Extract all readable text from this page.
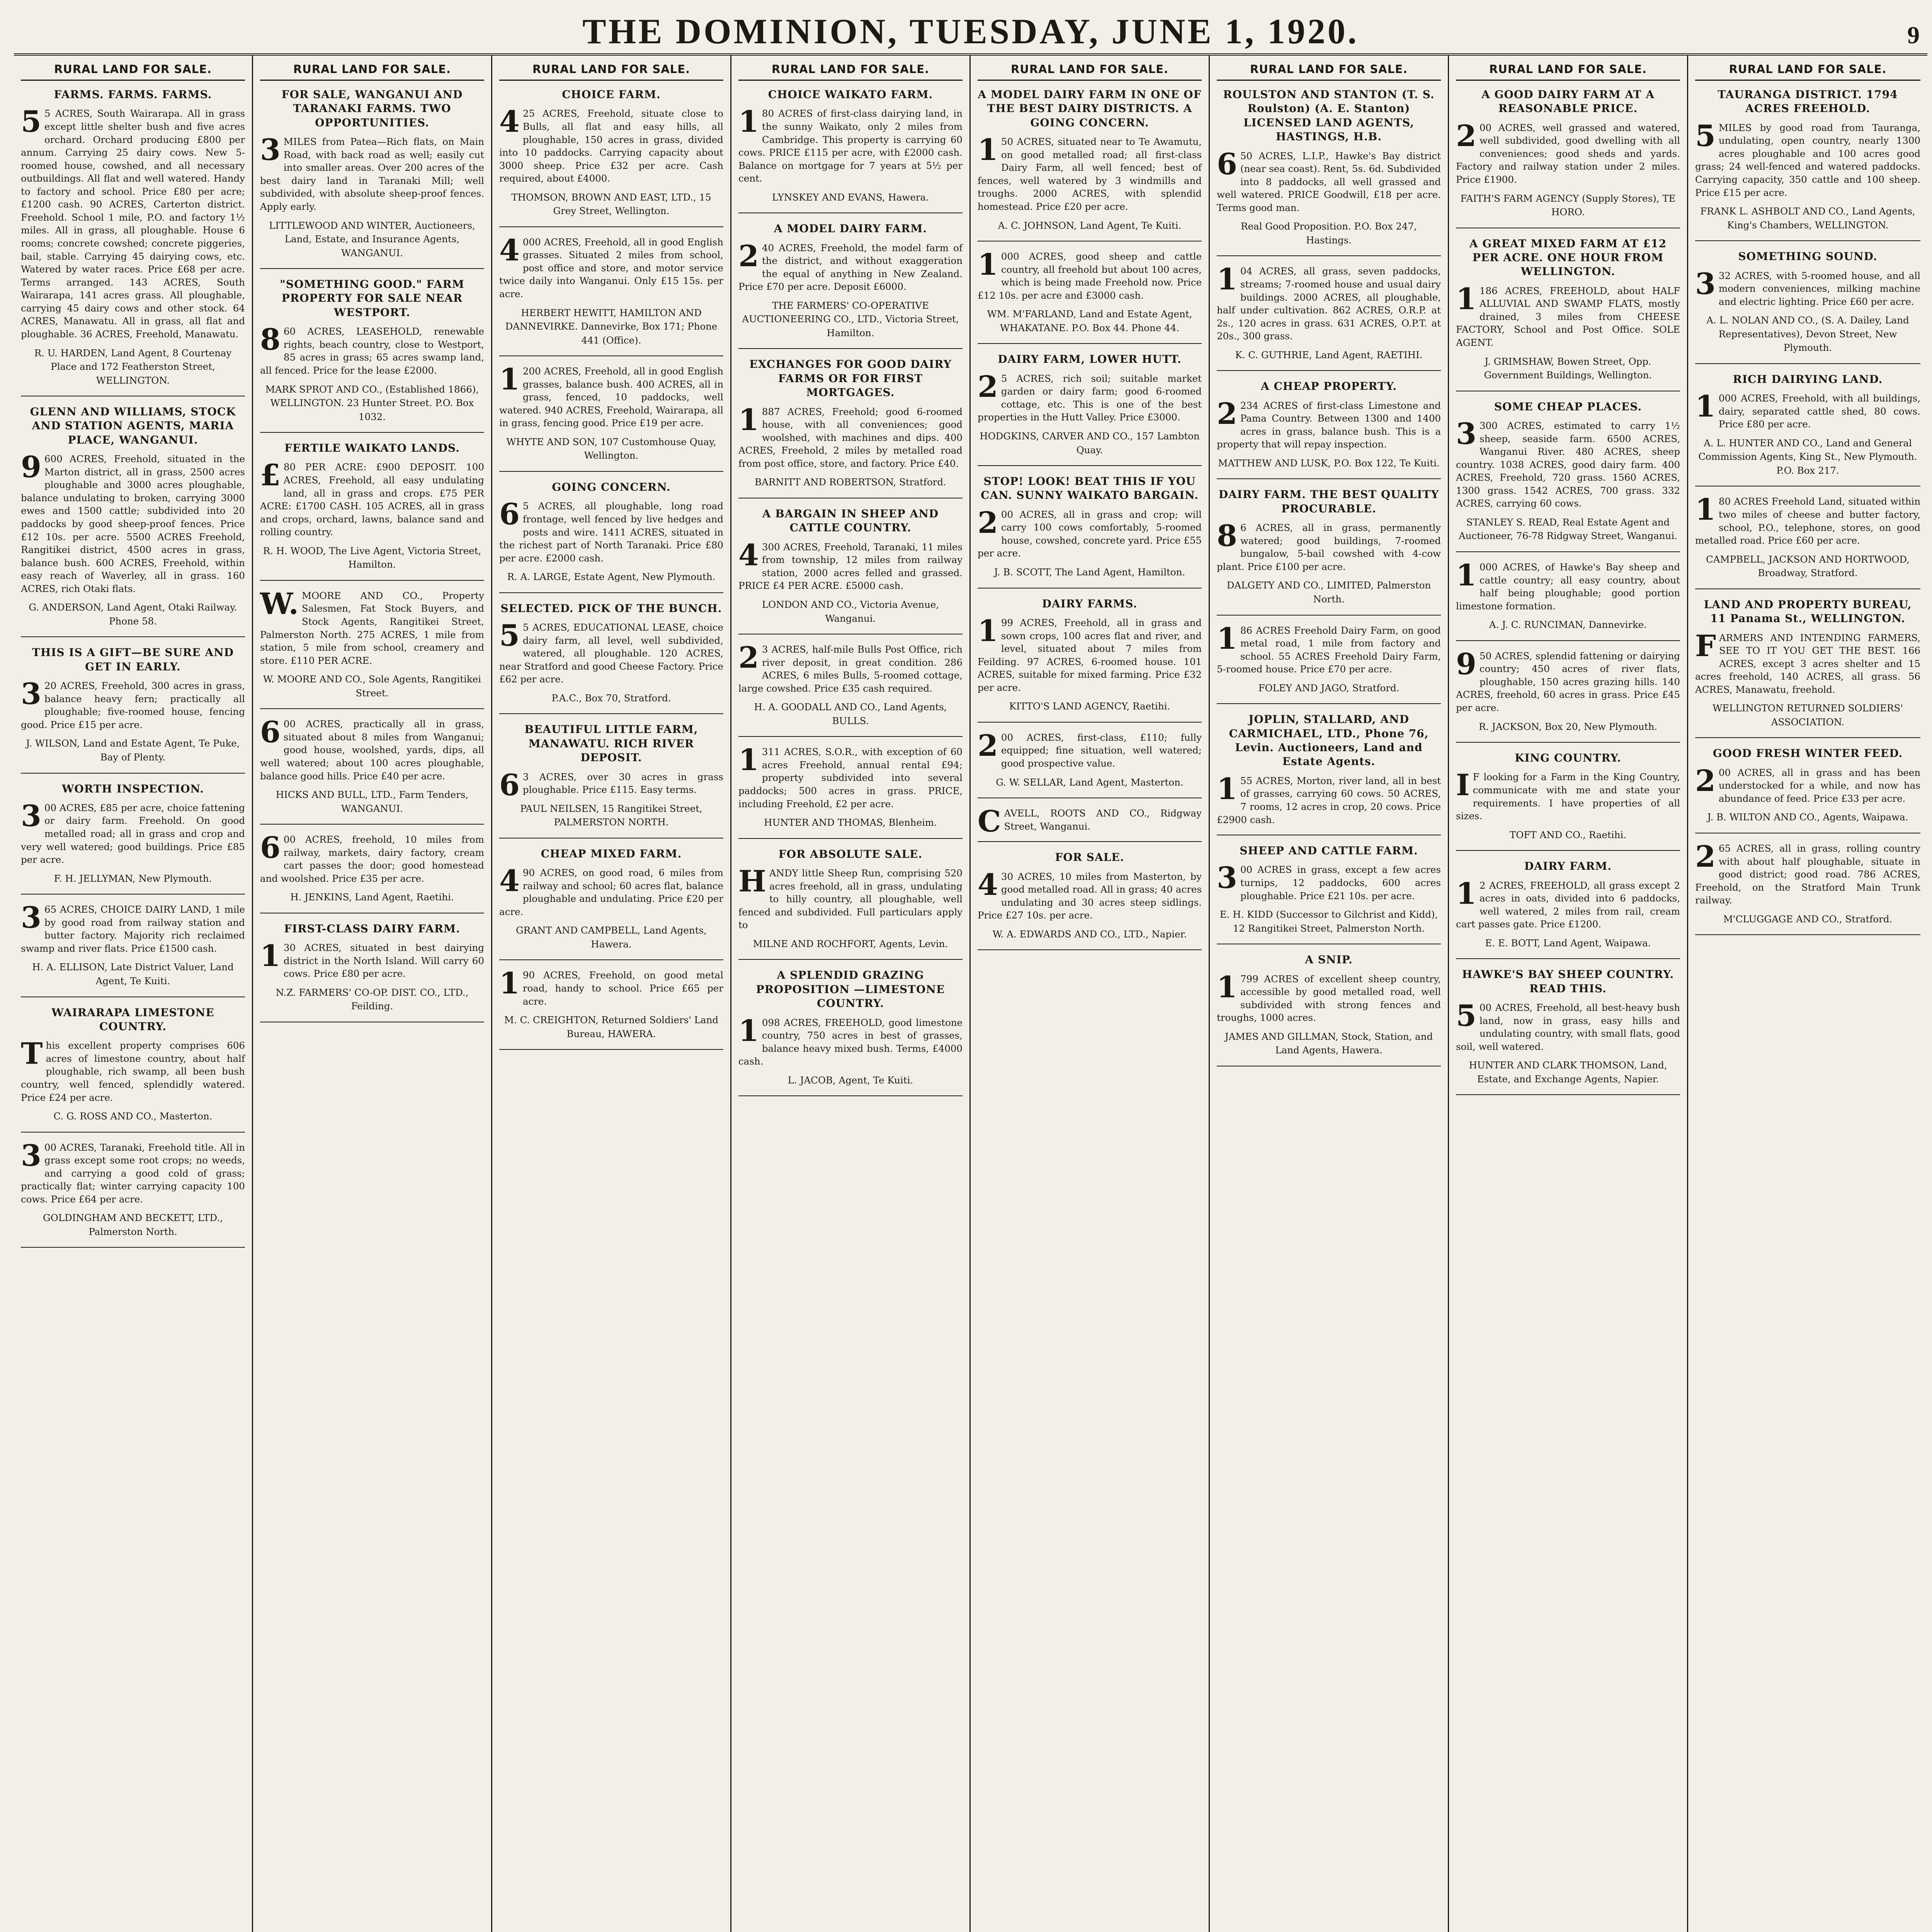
THE DOMINION, TUESDAY, JUNE 1, 1920.	9
RURAL LAND FOR SALE.
FARMS. FARMS. FARMS.
55 ACRES, South Wairarapa. All in grass except little shelter bush and five acres orchard. Orchard producing £800 per annum. Carrying 25 dairy cows. New 5-roomed house, cowshed, and all necessary outbuildings. All flat and well watered. Handy to factory and school. Price £80 per acre; £1200 cash. 90 ACRES, Carterton district. Freehold. School 1 mile, P.O. and factory 1½ miles. All in grass, all ploughable. House 6 rooms; concrete cowshed; concrete piggeries, bail, stable. Carrying 45 dairying cows, etc. Watered by water races. Price £68 per acre. Terms arranged. 143 ACRES, South Wairarapa, 141 acres grass. All ploughable, carrying 45 dairy cows and other stock. 64 ACRES, Manawatu. All in grass, all flat and ploughable. 36 ACRES, Freehold, Manawatu.
R. U. HARDEN, Land Agent, 8 Courtenay Place and 172 Featherston Street, WELLINGTON.
GLENN AND WILLIAMS, STOCK AND STATION AGENTS, MARIA PLACE, WANGANUI.
9600 ACRES, Freehold, situated in the Marton district, all in grass, 2500 acres ploughable and 3000 acres ploughable, balance undulating to broken, carrying 3000 ewes and 1500 cattle; subdivided into 20 paddocks by good sheep-proof fences. Price £12 10s. per acre. 5500 ACRES Freehold, Rangitikei district, 4500 acres in grass, balance bush. 600 ACRES, Freehold, within easy reach of Waverley, all in grass. 160 ACRES, rich Otaki flats.
G. ANDERSON, Land Agent, Otaki Railway. Phone 58.
THIS IS A GIFT—BE SURE AND GET IN EARLY.
320 ACRES, Freehold, 300 acres in grass, balance heavy fern; practically all ploughable; five-roomed house, fencing good. Price £15 per acre.
J. WILSON, Land and Estate Agent, Te Puke, Bay of Plenty.
WORTH INSPECTION.
300 ACRES, £85 per acre, choice fattening or dairy farm. Freehold. On good metalled road; all in grass and crop and very well watered; good buildings. Price £85 per acre.
F. H. JELLYMAN, New Plymouth.
365 ACRES, CHOICE DAIRY LAND, 1 mile by good road from railway station and butter factory. Majority rich reclaimed swamp and river flats. Price £1500 cash.
H. A. ELLISON, Late District Valuer, Land Agent, Te Kuiti.
WAIRARAPA LIMESTONE COUNTRY.
This excellent property comprises 606 acres of limestone country, about half ploughable, rich swamp, all been bush country, well fenced, splendidly watered. Price £24 per acre.
C. G. ROSS AND CO., Masterton.
300 ACRES, Taranaki, Freehold title. All in grass except some root crops; no weeds, and carrying a good cold of grass; practically flat; winter carrying capacity 100 cows. Price £64 per acre.
GOLDINGHAM AND BECKETT, LTD., Palmerston North.
RURAL LAND FOR SALE.
FOR SALE, WANGANUI AND TARANAKI FARMS. TWO OPPORTUNITIES.
3MILES from Patea—Rich flats, on Main Road, with back road as well; easily cut into smaller areas. Over 200 acres of the best dairy land in Taranaki Mill; well subdivided, with absolute sheep-proof fences. Apply early.
LITTLEWOOD AND WINTER, Auctioneers, Land, Estate, and Insurance Agents, WANGANUI.
"SOMETHING GOOD." FARM PROPERTY FOR SALE NEAR WESTPORT.
860 ACRES, LEASEHOLD, renewable rights, beach country, close to Westport, 85 acres in grass; 65 acres swamp land, all fenced. Price for the lease £2000.
MARK SPROT AND CO., (Established 1866), WELLINGTON. 23 Hunter Street. P.O. Box 1032.
FERTILE WAIKATO LANDS.
£80 PER ACRE: £900 DEPOSIT. 100 ACRES, Freehold, all easy undulating land, all in grass and crops. £75 PER ACRE: £1700 CASH. 105 ACRES, all in grass and crops, orchard, lawns, balance sand and rolling country.
R. H. WOOD, The Live Agent, Victoria Street, Hamilton.
W.MOORE AND CO., Property Salesmen, Fat Stock Buyers, and Stock Agents, Rangitikei Street, Palmerston North. 275 ACRES, 1 mile from station, 5 mile from school, creamery and store. £110 PER ACRE.
W. MOORE AND CO., Sole Agents, Rangitikei Street.
600 ACRES, practically all in grass, situated about 8 miles from Wanganui; good house, woolshed, yards, dips, all well watered; about 100 acres ploughable, balance good hills. Price £40 per acre.
HICKS AND BULL, LTD., Farm Tenders, WANGANUI.
600 ACRES, freehold, 10 miles from railway, markets, dairy factory, cream cart passes the door; good homestead and woolshed. Price £35 per acre.
H. JENKINS, Land Agent, Raetihi.
FIRST-CLASS DAIRY FARM.
130 ACRES, situated in best dairying district in the North Island. Will carry 60 cows. Price £80 per acre.
N.Z. FARMERS' CO-OP. DIST. CO., LTD., Feilding.
RURAL LAND FOR SALE.
CHOICE FARM.
425 ACRES, Freehold, situate close to Bulls, all flat and easy hills, all ploughable, 150 acres in grass, divided into 10 paddocks. Carrying capacity about 3000 sheep. Price £32 per acre. Cash required, about £4000.
THOMSON, BROWN AND EAST, LTD., 15 Grey Street, Wellington.
4000 ACRES, Freehold, all in good English grasses. Situated 2 miles from school, post office and store, and motor service twice daily into Wanganui. Only £15 15s. per acre.
HERBERT HEWITT, HAMILTON AND DANNEVIRKE. Dannevirke, Box 171; Phone 441 (Office).
1200 ACRES, Freehold, all in good English grasses, balance bush. 400 ACRES, all in grass, fenced, 10 paddocks, well watered. 940 ACRES, Freehold, Wairarapa, all in grass, fencing good. Price £19 per acre.
WHYTE AND SON, 107 Customhouse Quay, Wellington.
GOING CONCERN.
65 ACRES, all ploughable, long road frontage, well fenced by live hedges and posts and wire. 1411 ACRES, situated in the richest part of North Taranaki. Price £80 per acre. £2000 cash.
R. A. LARGE, Estate Agent, New Plymouth.
SELECTED. PICK OF THE BUNCH.
55 ACRES, EDUCATIONAL LEASE, choice dairy farm, all level, well subdivided, watered, all ploughable. 120 ACRES, near Stratford and good Cheese Factory. Price £62 per acre.
P.A.C., Box 70, Stratford.
BEAUTIFUL LITTLE FARM, MANAWATU. RICH RIVER DEPOSIT.
63 ACRES, over 30 acres in grass ploughable. Price £115. Easy terms.
PAUL NEILSEN, 15 Rangitikei Street, PALMERSTON NORTH.
CHEAP MIXED FARM.
490 ACRES, on good road, 6 miles from railway and school; 60 acres flat, balance ploughable and undulating. Price £20 per acre.
GRANT AND CAMPBELL, Land Agents, Hawera.
190 ACRES, Freehold, on good metal road, handy to school. Price £65 per acre.
M. C. CREIGHTON, Returned Soldiers' Land Bureau, HAWERA.
RURAL LAND FOR SALE.
CHOICE WAIKATO FARM.
180 ACRES of first-class dairying land, in the sunny Waikato, only 2 miles from Cambridge. This property is carrying 60 cows. PRICE £115 per acre, with £2000 cash. Balance on mortgage for 7 years at 5½ per cent.
LYNSKEY AND EVANS, Hawera.
A MODEL DAIRY FARM.
240 ACRES, Freehold, the model farm of the district, and without exaggeration the equal of anything in New Zealand. Price £70 per acre. Deposit £6000.
THE FARMERS' CO-OPERATIVE AUCTIONEERING CO., LTD., Victoria Street, Hamilton.
EXCHANGES FOR GOOD DAIRY FARMS OR FOR FIRST MORTGAGES.
1887 ACRES, Freehold; good 6-roomed house, with all conveniences; good woolshed, with machines and dips. 400 ACRES, Freehold, 2 miles by metalled road from post office, store, and factory. Price £40.
BARNITT AND ROBERTSON, Stratford.
A BARGAIN IN SHEEP AND CATTLE COUNTRY.
4300 ACRES, Freehold, Taranaki, 11 miles from township, 12 miles from railway station, 2000 acres felled and grassed. PRICE £4 PER ACRE. £5000 cash.
LONDON AND CO., Victoria Avenue, Wanganui.
23 ACRES, half-mile Bulls Post Office, rich river deposit, in great condition. 286 ACRES, 6 miles Bulls, 5-roomed cottage, large cowshed. Price £35 cash required.
H. A. GOODALL AND CO., Land Agents, BULLS.
1311 ACRES, S.O.R., with exception of 60 acres Freehold, annual rental £94; property subdivided into several paddocks; 500 acres in grass. PRICE, including Freehold, £2 per acre.
HUNTER AND THOMAS, Blenheim.
FOR ABSOLUTE SALE.
HANDY little Sheep Run, comprising 520 acres freehold, all in grass, undulating to hilly country, all ploughable, well fenced and subdivided. Full particulars apply to
MILNE AND ROCHFORT, Agents, Levin.
A SPLENDID GRAZING PROPOSITION —LIMESTONE COUNTRY.
1098 ACRES, FREEHOLD, good limestone country, 750 acres in best of grasses, balance heavy mixed bush. Terms, £4000 cash.
L. JACOB, Agent, Te Kuiti.
RURAL LAND FOR SALE.
A MODEL DAIRY FARM IN ONE OF THE BEST DAIRY DISTRICTS. A GOING CONCERN.
150 ACRES, situated near to Te Awamutu, on good metalled road; all first-class Dairy Farm, all well fenced; best of fences, well watered by 3 windmills and troughs. 2000 ACRES, with splendid homestead. Price £20 per acre.
A. C. JOHNSON, Land Agent, Te Kuiti.
1000 ACRES, good sheep and cattle country, all freehold but about 100 acres, which is being made Freehold now. Price £12 10s. per acre and £3000 cash.
WM. M'FARLAND, Land and Estate Agent, WHAKATANE. P.O. Box 44. Phone 44.
DAIRY FARM, LOWER HUTT.
25 ACRES, rich soil; suitable market garden or dairy farm; good 6-roomed cottage, etc. This is one of the best properties in the Hutt Valley. Price £3000.
HODGKINS, CARVER AND CO., 157 Lambton Quay.
STOP! LOOK! BEAT THIS IF YOU CAN. SUNNY WAIKATO BARGAIN.
200 ACRES, all in grass and crop; will carry 100 cows comfortably, 5-roomed house, cowshed, concrete yard. Price £55 per acre.
J. B. SCOTT, The Land Agent, Hamilton.
DAIRY FARMS.
199 ACRES, Freehold, all in grass and sown crops, 100 acres flat and river, and level, situated about 7 miles from Feilding. 97 ACRES, 6-roomed house. 101 ACRES, suitable for mixed farming. Price £32 per acre.
KITTO'S LAND AGENCY, Raetihi.
200 ACRES, first-class, £110; fully equipped; fine situation, well watered; good prospective value.
G. W. SELLAR, Land Agent, Masterton.
CAVELL, ROOTS AND CO., Ridgway Street, Wanganui.
FOR SALE.
430 ACRES, 10 miles from Masterton, by good metalled road. All in grass; 40 acres undulating and 30 acres steep sidlings. Price £27 10s. per acre.
W. A. EDWARDS AND CO., LTD., Napier.
RURAL LAND FOR SALE.
ROULSTON AND STANTON (T. S. Roulston) (A. E. Stanton) LICENSED LAND AGENTS, HASTINGS, H.B.
650 ACRES, L.I.P., Hawke's Bay district (near sea coast). Rent, 5s. 6d. Subdivided into 8 paddocks, all well grassed and well watered. PRICE Goodwill, £18 per acre. Terms good man.
Real Good Proposition. P.O. Box 247, Hastings.
104 ACRES, all grass, seven paddocks, streams; 7-roomed house and usual dairy buildings. 2000 ACRES, all ploughable, half under cultivation. 862 ACRES, O.R.P. at 2s., 120 acres in grass. 631 ACRES, O.P.T. at 20s., 300 grass.
K. C. GUTHRIE, Land Agent, RAETIHI.
A CHEAP PROPERTY.
2234 ACRES of first-class Limestone and Pama Country. Between 1300 and 1400 acres in grass, balance bush. This is a property that will repay inspection.
MATTHEW AND LUSK, P.O. Box 122, Te Kuiti.
DAIRY FARM. THE BEST QUALITY PROCURABLE.
86 ACRES, all in grass, permanently watered; good buildings, 7-roomed bungalow, 5-bail cowshed with 4-cow plant. Price £100 per acre.
DALGETY AND CO., LIMITED, Palmerston North.
186 ACRES Freehold Dairy Farm, on good metal road, 1 mile from factory and school. 55 ACRES Freehold Dairy Farm, 5-roomed house. Price £70 per acre.
FOLEY AND JAGO, Stratford.
JOPLIN, STALLARD, AND CARMICHAEL, LTD., Phone 76, Levin. Auctioneers, Land and Estate Agents.
155 ACRES, Morton, river land, all in best of grasses, carrying 60 cows. 50 ACRES, 7 rooms, 12 acres in crop, 20 cows. Price £2900 cash.
SHEEP AND CATTLE FARM.
300 ACRES in grass, except a few acres turnips, 12 paddocks, 600 acres ploughable. Price £21 10s. per acre.
E. H. KIDD (Successor to Gilchrist and Kidd), 12 Rangitikei Street, Palmerston North.
A SNIP.
1799 ACRES of excellent sheep country, accessible by good metalled road, well subdivided with strong fences and troughs, 1000 acres.
JAMES AND GILLMAN, Stock, Station, and Land Agents, Hawera.
RURAL LAND FOR SALE.
A GOOD DAIRY FARM AT A REASONABLE PRICE.
200 ACRES, well grassed and watered, well subdivided, good dwelling with all conveniences; good sheds and yards. Factory and railway station under 2 miles. Price £1900.
FAITH'S FARM AGENCY (Supply Stores), TE HORO.
A GREAT MIXED FARM AT £12 PER ACRE. ONE HOUR FROM WELLINGTON.
1186 ACRES, FREEHOLD, about HALF ALLUVIAL AND SWAMP FLATS, mostly drained, 3 miles from CHEESE FACTORY, School and Post Office. SOLE AGENT.
J. GRIMSHAW, Bowen Street, Opp. Government Buildings, Wellington.
SOME CHEAP PLACES.
3300 ACRES, estimated to carry 1½ sheep, seaside farm. 6500 ACRES, Wanganui River. 480 ACRES, sheep country. 1038 ACRES, good dairy farm. 400 ACRES, Freehold, 720 grass. 1560 ACRES, 1300 grass. 1542 ACRES, 700 grass. 332 ACRES, carrying 60 cows.
STANLEY S. READ, Real Estate Agent and Auctioneer, 76-78 Ridgway Street, Wanganui.
1000 ACRES, of Hawke's Bay sheep and cattle country; all easy country, about half being ploughable; good portion limestone formation.
A. J. C. RUNCIMAN, Dannevirke.
950 ACRES, splendid fattening or dairying country; 450 acres of river flats, ploughable, 150 acres grazing hills. 140 ACRES, freehold, 60 acres in grass. Price £45 per acre.
R. JACKSON, Box 20, New Plymouth.
KING COUNTRY.
IF looking for a Farm in the King Country, communicate with me and state your requirements. I have properties of all sizes.
TOFT AND CO., Raetihi.
DAIRY FARM.
12 ACRES, FREEHOLD, all grass except 2 acres in oats, divided into 6 paddocks, well watered, 2 miles from rail, cream cart passes gate. Price £1200.
E. E. BOTT, Land Agent, Waipawa.
HAWKE'S BAY SHEEP COUNTRY. READ THIS.
500 ACRES, Freehold, all best-heavy bush land, now in grass, easy hills and undulating country, with small flats, good soil, well watered.
HUNTER AND CLARK THOMSON, Land, Estate, and Exchange Agents, Napier.
RURAL LAND FOR SALE.
TAURANGA DISTRICT. 1794 ACRES FREEHOLD.
5MILES by good road from Tauranga, undulating, open country, nearly 1300 acres ploughable and 100 acres good grass; 24 well-fenced and watered paddocks. Carrying capacity, 350 cattle and 100 sheep. Price £15 per acre.
FRANK L. ASHBOLT AND CO., Land Agents, King's Chambers, WELLINGTON.
SOMETHING SOUND.
332 ACRES, with 5-roomed house, and all modern conveniences, milking machine and electric lighting. Price £60 per acre.
A. L. NOLAN AND CO., (S. A. Dailey, Land Representatives), Devon Street, New Plymouth.
RICH DAIRYING LAND.
1000 ACRES, Freehold, with all buildings, dairy, separated cattle shed, 80 cows. Price £80 per acre.
A. L. HUNTER AND CO., Land and General Commission Agents, King St., New Plymouth. P.O. Box 217.
180 ACRES Freehold Land, situated within two miles of cheese and butter factory, school, P.O., telephone, stores, on good metalled road. Price £60 per acre.
CAMPBELL, JACKSON AND HORTWOOD, Broadway, Stratford.
LAND AND PROPERTY BUREAU, 11 Panama St., WELLINGTON.
FARMERS AND INTENDING FARMERS, SEE TO IT YOU GET THE BEST. 166 ACRES, except 3 acres shelter and 15 acres freehold, 140 ACRES, all grass. 56 ACRES, Manawatu, freehold.
WELLINGTON RETURNED SOLDIERS' ASSOCIATION.
GOOD FRESH WINTER FEED.
200 ACRES, all in grass and has been understocked for a while, and now has abundance of feed. Price £33 per acre.
J. B. WILTON AND CO., Agents, Waipawa.
265 ACRES, all in grass, rolling country with about half ploughable, situate in good district; good road. 786 ACRES, Freehold, on the Stratford Main Trunk railway.
M'CLUGGAGE AND CO., Stratford.
